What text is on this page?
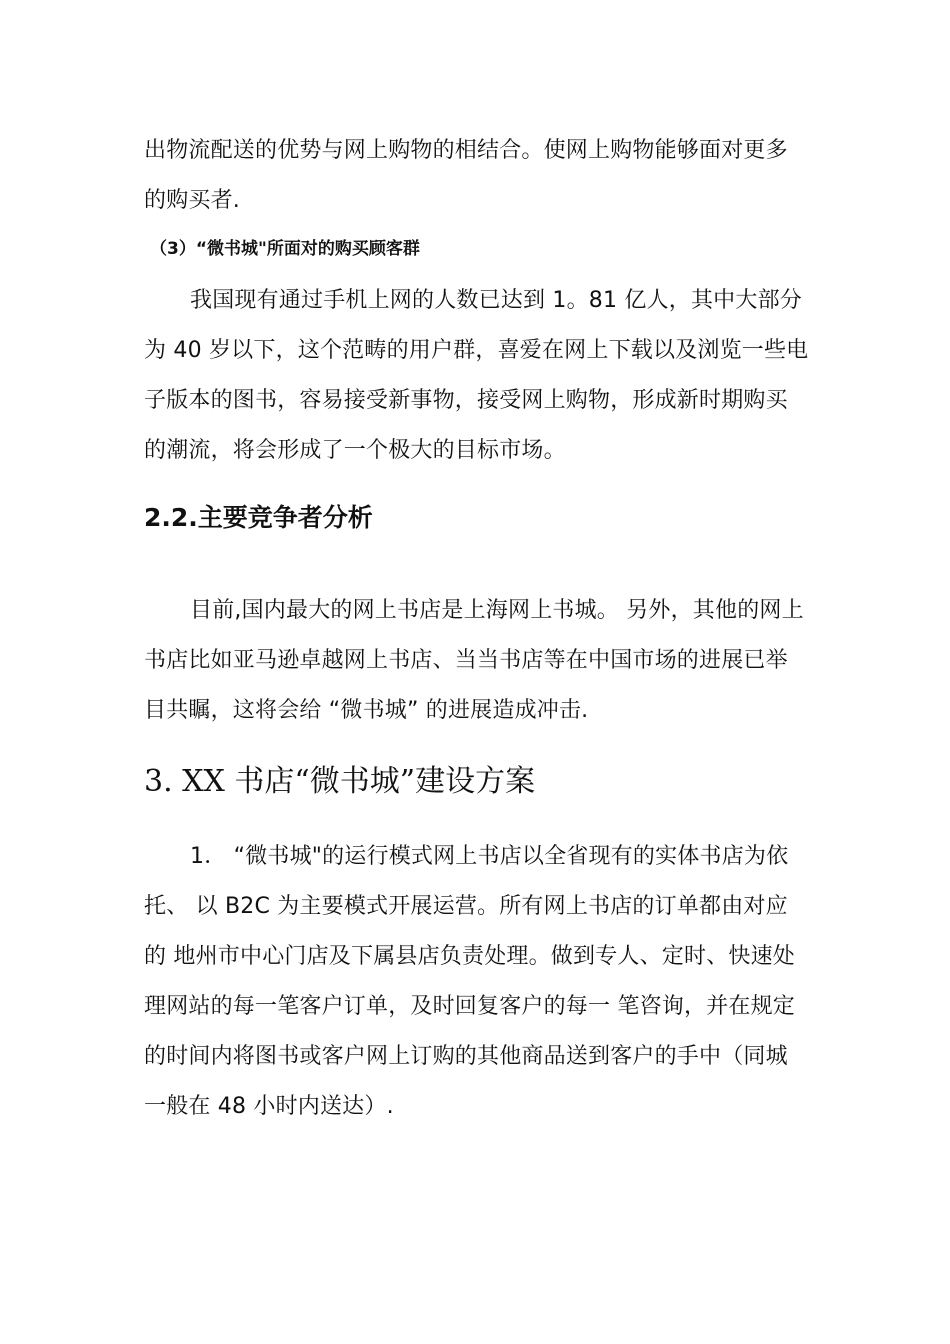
出物流配送的优势与网上购物的相结合。使网上购物能够面对更多
的购买者.
（3）“微书城"所面对的购买顾客群
我国现有通过手机上网的人数已达到 1。81 亿人，其中大部分
为 40 岁以下，这个范畴的用户群，喜爱在网上下载以及浏览一些电
子版本的图书，容易接受新事物，接受网上购物，形成新时期购买
的潮流，将会形成了一个极大的目标市场。
2.2.主要竞争者分析
目前,国内最大的网上书店是上海网上书城。 另外，其他的网上
书店比如亚马逊卓越网上书店、当当书店等在中国市场的进展已举
目共瞩，这将会给 “微书城” 的进展造成冲击.
3. XX 书店“微书城”建设方案
1． “微书城"的运行模式网上书店以全省现有的实体书店为依
托、 以 B2C 为主要模式开展运营。所有网上书店的订单都由对应
的 地州市中心门店及下属县店负责处理。做到专人、定时、快速处
理网站的每一笔客户订单，及时回复客户的每一 笔咨询，并在规定
的时间内将图书或客户网上订购的其他商品送到客户的手中（同城
一般在 48 小时内送达）.
